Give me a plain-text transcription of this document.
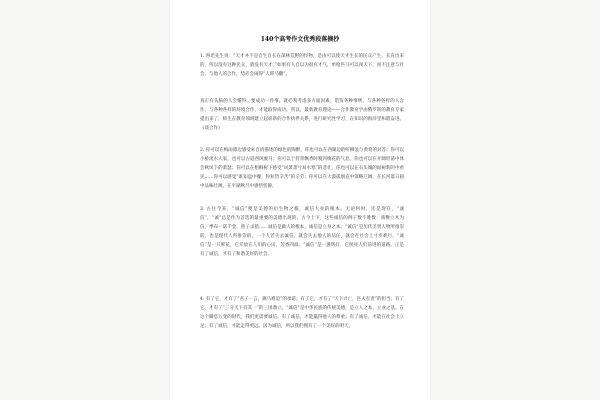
140个高考作文优秀段落摘抄

1. 鲁迅先生说：“天才并不是自生自长在深林荒野的怪物，是由可以使天才生长的民众产生、长育出来的，所以没有这种民众，就没有天才。”如果有人自以为很有才气，单枪匹马可以闯天下，而不注意与社会、与他人的合作，势必会闹得“人仰马翻”。

真正有头脑的人会懂得，要成功一件事，就必须考虑多方面因素，借鉴各种事例，与各种各样的人合作，与各种各样的环境合作，才能取得成功。所以，最新教育理论——合作教育学由俄罗斯的教育专家提出来了，师生在教育领域建立起崭新的合作执伴关系，进行研究性学习，在知识的海洋里和谐奋进。《谈合作》

2. 你可以在梅雨潭边感受朱自清描述的绿色的陶醉，你也可以在西湖边聆听柳浪与黄莺的对答；你可以小桥流水人家，也可以古道西风瘦马；你可以于狩背飘香时嗅到梅花的气息，你也可以在开阔坦荡中体会秋风下的萧瑟；你可以在梧桐树下感受“风萧萧兮易水寒”的悲壮，你也可以在石头城的绿树新阴中看见……你可以感受“谁知盘中餐，粒粒皆辛苦”的辛劳；你可以在大漠孤烟直中领略辽阔，在长河落日圆中品味壮阔，在平湖秋月中感悟恬静。

3. 古往今来，“诚信”便是美德的衍生物之根，诚信大业的根本。无论何时，还是现在，“诚信”，“诚”总是作为首选的最重要的美德出现的。古今上下，这些诚信的例子数不胜数：商鞅立木为信，季布一诺千金，曾子杀猪……诚信是做人的根本，诚信是立身之本。“诚信”是历代圣贤人物所推崇的，也是现代人所推崇的。一个人若失去诚信，就会失去他人的信任，就会在社会上寸步难行。“诚信”是一只鲜花，它开放在人们的心田，芳香四溢；“诚信”是一盏明灯，它照亮人们前进的道路。正是有了诚信，才有了和谐美好的社会。

4. 有了它，才有了“君子一言，驷马难追”的承诺；有了它，才有了“天下兴亡，匹夫有责”的担当；有了它，才有了“三分天下有其一”的三国鼎立。“诚信”是中华民族的传统美德，是立人之本，立业之基。在这个瞬息万变的时代，我们更需要诚信。有了诚信，才能赢得他人的尊重；有了诚信，才能在社会上立足；有了诚信，才能走得更远。因为诚信，所以我们拥有了一个美好的明天。
